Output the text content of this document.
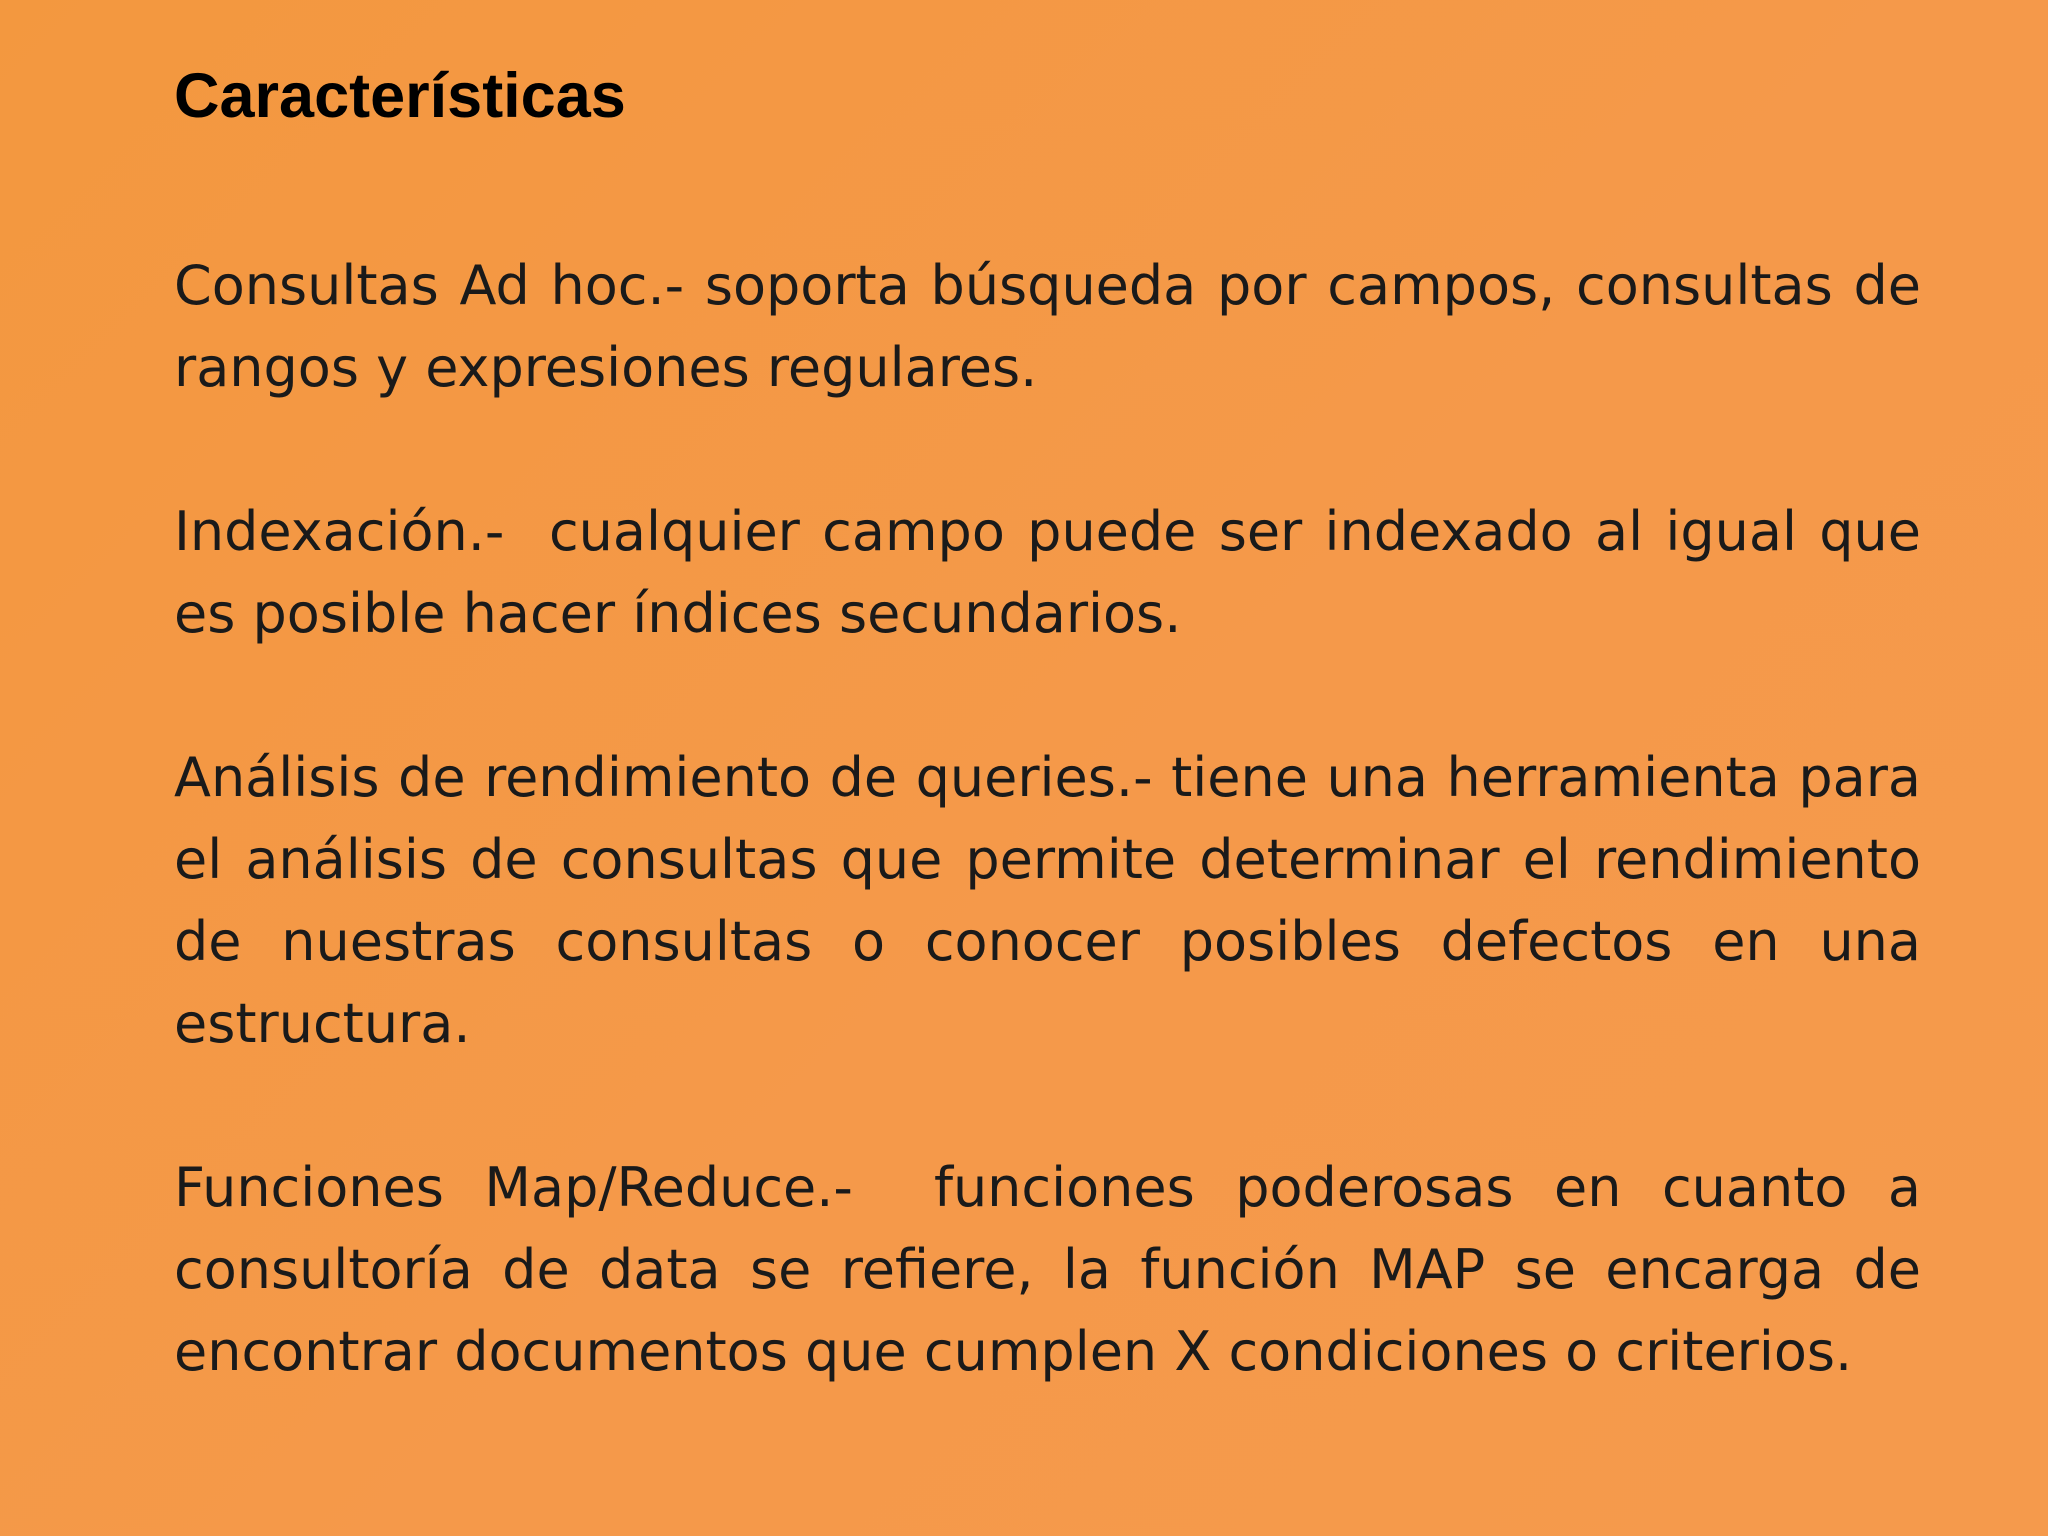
Características

Consultas Ad hoc.- soporta búsqueda por campos, consultas de rangos y expresiones regulares.

Indexación.-  cualquier campo puede ser indexado al igual que es posible hacer índices secundarios.

Análisis de rendimiento de queries.- tiene una herramienta para el análisis de consultas que permite determinar el rendimiento de nuestras consultas o conocer posibles defectos en una estructura.

Funciones Map/Reduce.-  funciones poderosas en cuanto a consultoría de data se refiere, la función MAP se encarga de encontrar documentos que cumplen X condiciones o criterios.
